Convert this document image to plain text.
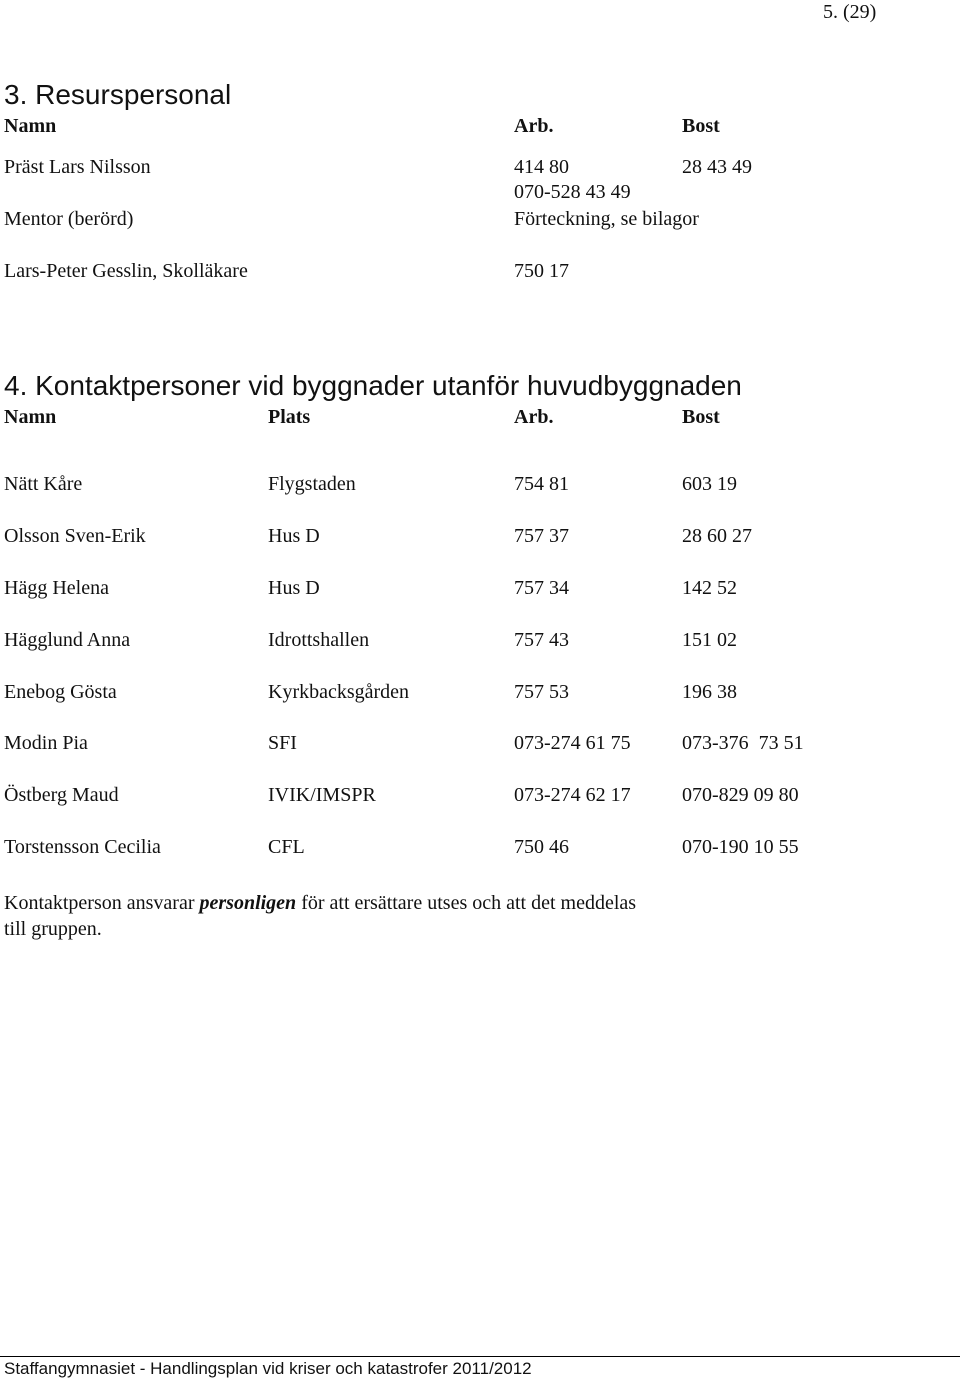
5. (29)
3. Resurspersonal
Namn	Arb.	Bost
Präst Lars Nilsson	414 80	28 43 49
070-528 43 49
Mentor (berörd)	Förteckning, se bilagor
Lars-Peter Gesslin, Skolläkare	750 17
4. Kontaktpersoner vid byggnader utanför huvudbyggnaden
Namn	Plats	Arb.	Bost
Nätt Kåre	Flygstaden	754 81	603 19
Olsson Sven-Erik	Hus D	757 37	28 60 27
Hägg Helena	Hus D	757 34	142 52
Hägglund Anna	Idrottshallen	757 43	151 02
Enebog Gösta	Kyrkbacksgården	757 53	196 38
Modin Pia	SFI	073-274 61 75	073-376  73 51
Östberg Maud	IVIK/IMSPR	073-274 62 17	070-829 09 80
Torstensson Cecilia	CFL	750 46	070-190 10 55
Kontaktperson ansvarar personligen för att ersättare utses och att det meddelas
till gruppen.
Staffangymnasiet - Handlingsplan vid kriser och katastrofer 2011/2012
